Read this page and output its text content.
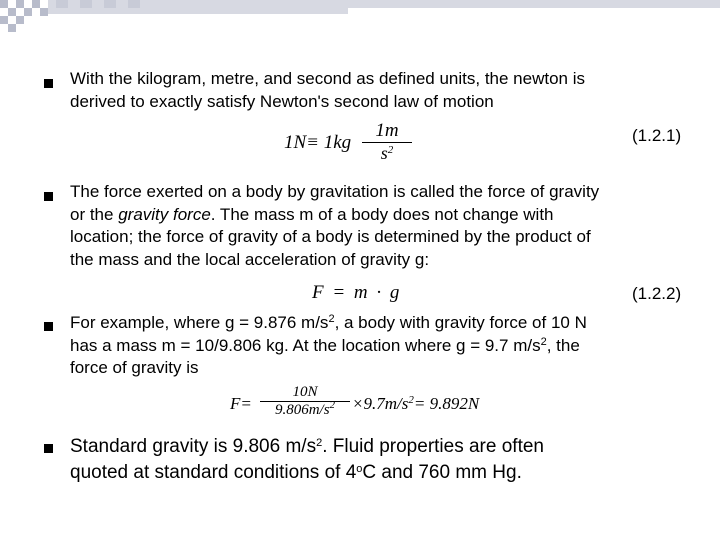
With the kilogram, metre, and second as defined units, the newton is
derived to exactly satisfy Newton's second law of motion
$1N\equiv 1kg \frac{1m}{s^2}$	(1.2.1)
The force exerted on a body by gravitation is called the force of gravity
or the gravity force. The mass m of a body does not change with
location; the force of gravity of a body is determined by the product of
the mass and the local acceleration of gravity g:
F = m · g	(1.2.2)
For example, where g = 9.876 $m/s^2$, a body with gravity force of 10 N
has a mass m = 10/9.806 kg. At the location where g = 9.7 $m/s^2$, the
force of gravity is
$F= \frac{10N}{9.806m/s^2} \times 9.7m/s^2= 9.892N$
Standard gravity is 9.806 $m/s^2$. Fluid properties are often
quoted at standard conditions of 4$^o$C and 760 mm Hg.
